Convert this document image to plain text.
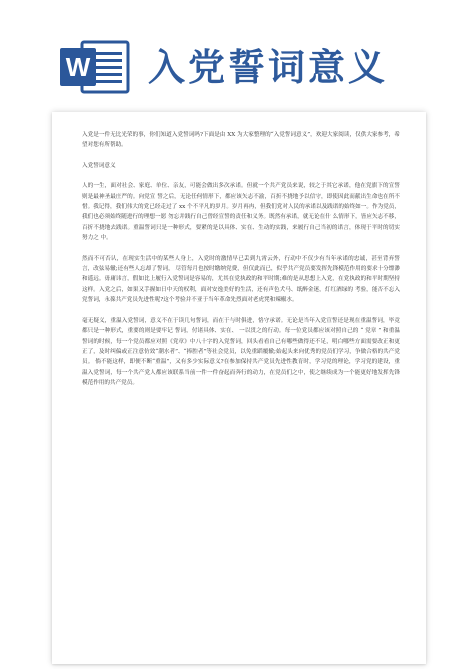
W 入党誓词意义

入党是一件无比光荣的事，你们知道入党誓词吗?下面是由 XX 为大家整理的“入党誓词意义”，欢迎大家阅读，仅供大家参考，希望对您有所帮助。

入党誓词意义

人的一生，面对社会、家庭、单位、亲友，可能会做出多次承诺。但就一个共产党员来说，较之于其它承诺，他在党旗下的宣誓则是最神圣最庄严的。向党宣 誓之后，无论任何情形下，都应该矢志不渝，百折不挠地予以信守，即使因此而献出生命也在所不惜。我记得，我们伟大的党已经走过了 xx 个不平凡的岁月。岁月再冉，但我们党对人民的承诺以及践诺的始终如一。作为党员，我们也必须始终随进行的理想一愿 勿忘并践行自己曾经宣誓的责任和义务。既然有承诺，就无论在什 么情形下，皆应矢志不移，百折不挠地去践诺。重温誓词只是一种形式，要紧的是以具体、实在、生动的实践，来履行自己当初的诺言，体现于平时的切实努力之 中。

然而不可否认，在现实生活中的某些人身上，入党时的激情早已丢到九霄云外，行动中不仅少有当年承诺的忠诚，甚至背弃誓言，改弦易辙;还有些人忘却了誓词， 尽管每月也按时缴纳党费，但仅此而已，似乎共产党员要发挥先锋模范作用的要求十分缥渺和遥远。毋庸讳言，假如比上履行入党誓词是容易的，尤其在党执政的和平时期;难的是从思想上入党，在党执政的和平时期坚持这样。入党之后，如果又手握如日中天的权利，面对安逸美好的生活，还有声色犬马、纸醉金迷，灯红酒绿的 考验，能否不忘入党誓词，永葆共产党员先进性呢?这个考验并不亚于当年革命先烈面对老虎凳和辣椒水。

毫无疑义，重温入党誓词，意义不在于读几句誓词，而在于与时俱进，恪守承诺。无论是当年入党宣誓还是现在重温誓词，毕竟都只是一种形式，重要的则是要牢记 誓词，付诸具体、实在、 一以贯之的行动。每一位党员都应该对照自己的 “ 党章 ” 和重温誓词的时候，每一个党员都应对照《党章》中八十字的入党誓词，回头看看自己有哪些做得还不足，明白哪些方面需要改正和更 正了，及时纠偏或正注意仿效“潮水者”、“捧腔者”等社会党员，以免重蹈覆辙;始起头来向优秀的党员们学习，争做合格的共产党员。 倘不能这样，即便不断“重温”，又有多少实际意义?在参加保持共产党员先进性教育时，学习党的理论，学习党的建设，重温入党誓词，每一个共产党人都应该联系当前一件一件奋起而奔行的动力，在党员们之中，使之继续成为一个能更好地发挥先锋模范作用的共产党员。
